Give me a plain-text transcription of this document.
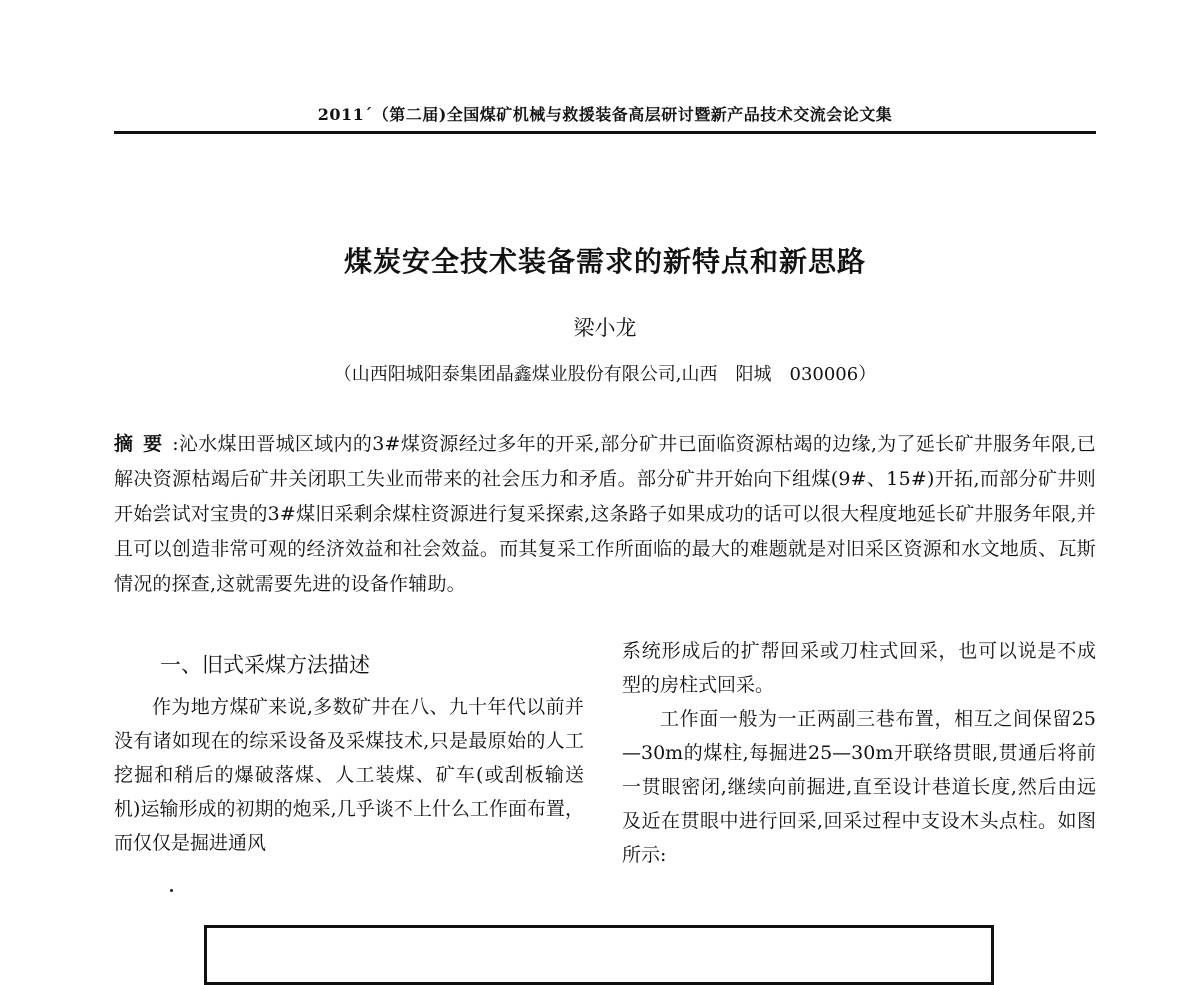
2011´（第二届)全国煤矿机械与救援装备高层研讨暨新产品技术交流会论文集
煤炭安全技术装备需求的新特点和新思路
梁小龙
（山西阳城阳泰集团晶鑫煤业股份有限公司,山西　阳城　030006）
摘要:沁水煤田晋城区域内的3#煤资源经过多年的开采,部分矿井已面临资源枯竭的边缘,为了延长矿井服务年限,已解决资源枯竭后矿井关闭职工失业而带来的社会压力和矛盾。部分矿井开始向下组煤(9#、15#)开拓,而部分矿井则开始尝试对宝贵的3#煤旧采剩余煤柱资源进行复采探索,这条路子如果成功的话可以很大程度地延长矿井服务年限,并且可以创造非常可观的经济效益和社会效益。而其复采工作所面临的最大的难题就是对旧采区资源和水文地质、瓦斯情况的探查,这就需要先进的设备作辅助。
一、旧式采煤方法描述

作为地方煤矿来说,多数矿井在八、九十年代以前并没有诸如现在的综采设备及采煤技术,只是最原始的人工挖掘和稍后的爆破落煤、人工装煤、矿车(或刮板输送机)运输形成的初期的炮采,几乎谈不上什么工作面布置，而仅仅是掘进通风

系统形成后的扩帮回采或刀柱式回采，也可以说是不成型的房柱式回采。

工作面一般为一正两副三巷布置，相互之间保留25—30m的煤柱,每掘进25—30m开联络贯眼,贯通后将前一贯眼密闭,继续向前掘进,直至设计巷道长度,然后由远及近在贯眼中进行回采,回采过程中支设木头点柱。如图所示:
